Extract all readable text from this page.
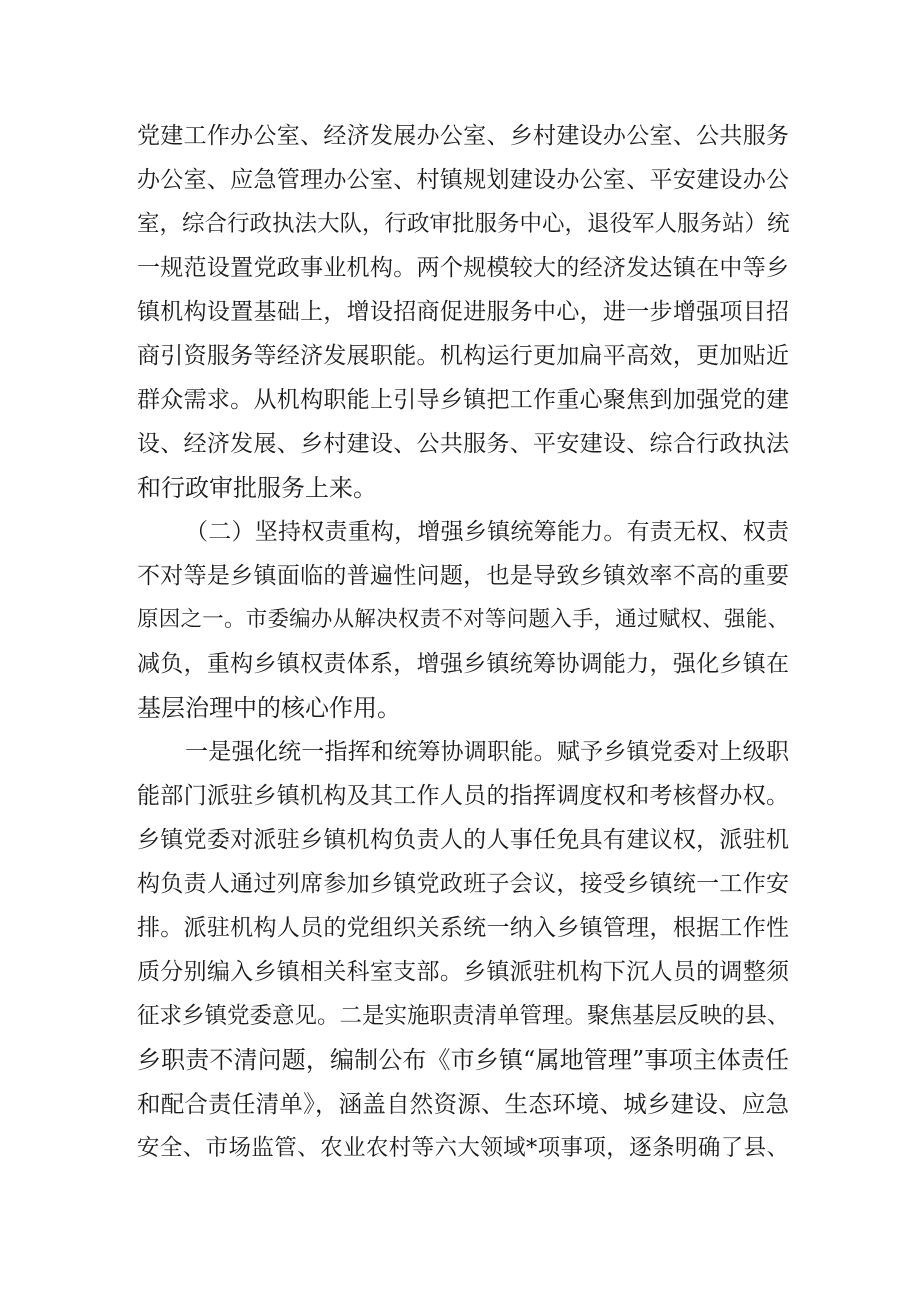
党建工作办公室、经济发展办公室、乡村建设办公室、公共服务
办公室、应急管理办公室、村镇规划建设办公室、平安建设办公
室，综合行政执法大队，行政审批服务中心，退役军人服务站）统
一规范设置党政事业机构。两个规模较大的经济发达镇在中等乡
镇机构设置基础上，增设招商促进服务中心，进一步增强项目招
商引资服务等经济发展职能。机构运行更加扁平高效，更加贴近
群众需求。从机构职能上引导乡镇把工作重心聚焦到加强党的建
设、经济发展、乡村建设、公共服务、平安建设、综合行政执法
和行政审批服务上来。
（二）坚持权责重构，增强乡镇统筹能力。有责无权、权责
不对等是乡镇面临的普遍性问题，也是导致乡镇效率不高的重要
原因之一。市委编办从解决权责不对等问题入手，通过赋权、强能、
减负，重构乡镇权责体系，增强乡镇统筹协调能力，强化乡镇在
基层治理中的核心作用。
一是强化统一指挥和统筹协调职能。赋予乡镇党委对上级职
能部门派驻乡镇机构及其工作人员的指挥调度权和考核督办权。
乡镇党委对派驻乡镇机构负责人的人事任免具有建议权，派驻机
构负责人通过列席参加乡镇党政班子会议，接受乡镇统一工作安
排。派驻机构人员的党组织关系统一纳入乡镇管理，根据工作性
质分别编入乡镇相关科室支部。乡镇派驻机构下沉人员的调整须
征求乡镇党委意见。二是实施职责清单管理。聚焦基层反映的县、
乡职责不清问题，编制公布《市乡镇“属地管理”事项主体责任
和配合责任清单》，涵盖自然资源、生态环境、城乡建设、应急
安全、市场监管、农业农村等六大领域*项事项，逐条明确了县、
